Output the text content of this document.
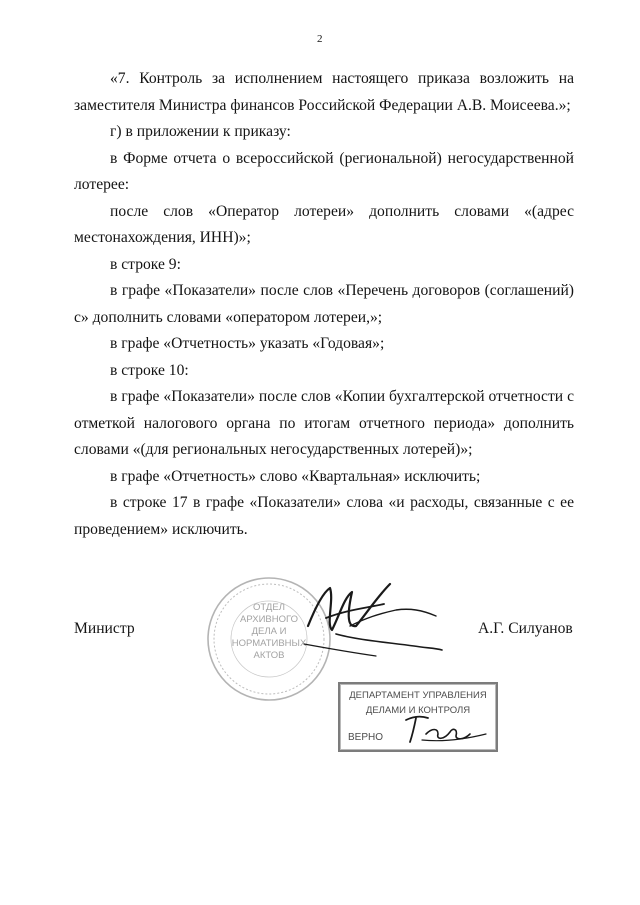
2

«7. Контроль за исполнением настоящего приказа возложить на заместителя Министра финансов Российской Федерации А.В. Моисеева.»;

г) в приложении к приказу:

в Форме отчета о всероссийской (региональной) негосударственной лотерее:

после слов «Оператор лотереи» дополнить словами «(адрес местонахождения, ИНН)»;

в строке 9:

в графе «Показатели» после слов «Перечень договоров (соглашений) с» дополнить словами «оператором лотереи,»;

в графе «Отчетность» указать «Годовая»;

в строке 10:

в графе «Показатели» после слов «Копии бухгалтерской отчетности с отметкой налогового органа по итогам отчетного периода» дополнить словами «(для региональных негосударственных лотерей)»;

в графе «Отчетность» слово «Квартальная» исключить;

в строке 17 в графе «Показатели» слова «и расходы, связанные с ее проведением» исключить.

ОТДЕЛ
АРХИВНОГО
ДЕЛА И
НОРМАТИВНЫХ
АКТОВ
Министр	А.Г. Силуанов
ДЕПАРТАМЕНТ УПРАВЛЕНИЯ
ДЕЛАМИ И КОНТРОЛЯ
ВЕРНО
